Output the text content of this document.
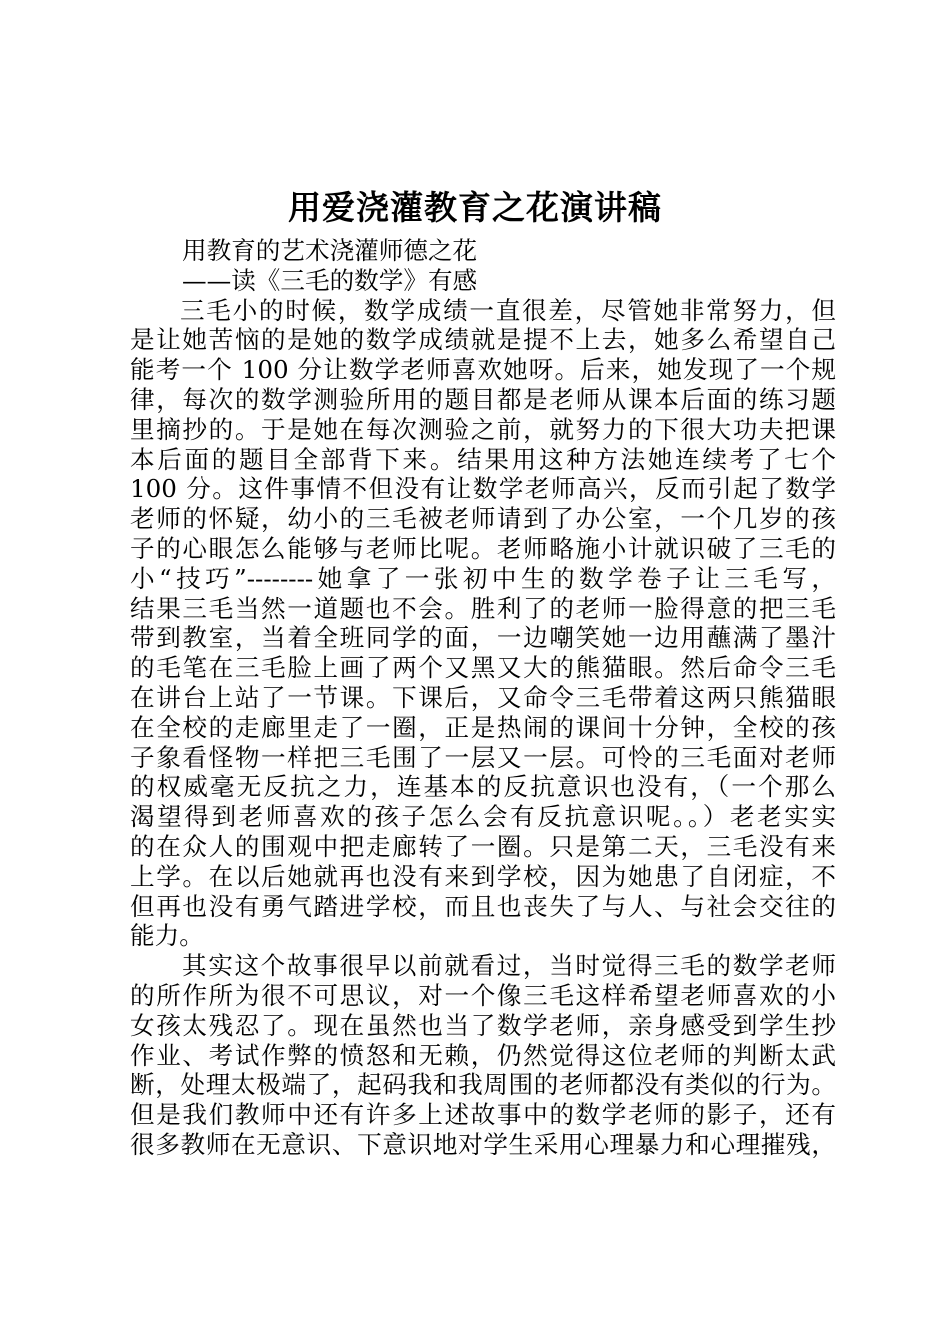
用爱浇灌教育之花演讲稿
用教育的艺术浇灌师德之花
——读《三毛的数学》有感
三毛小的时候，数学成绩一直很差，尽管她非常努力，但
是让她苦恼的是她的数学成绩就是提不上去，她多么希望自己
能考一个 100 分让数学老师喜欢她呀。后来，她发现了一个规
律，每次的数学测验所用的题目都是老师从课本后面的练习题
里摘抄的。于是她在每次测验之前，就努力的下很大功夫把课
本后面的题目全部背下来。结果用这种方法她连续考了七个
100 分。这件事情不但没有让数学老师高兴，反而引起了数学
老师的怀疑，幼小的三毛被老师请到了办公室，一个几岁的孩
子的心眼怎么能够与老师比呢。老师略施小计就识破了三毛的
小“技巧”--------她拿了一张初中生的数学卷子让三毛写，
结果三毛当然一道题也不会。胜利了的老师一脸得意的把三毛
带到教室，当着全班同学的面，一边嘲笑她一边用蘸满了墨汁
的毛笔在三毛脸上画了两个又黑又大的熊猫眼。然后命令三毛
在讲台上站了一节课。下课后，又命令三毛带着这两只熊猫眼
在全校的走廊里走了一圈，正是热闹的课间十分钟，全校的孩
子象看怪物一样把三毛围了一层又一层。可怜的三毛面对老师
的权威毫无反抗之力，连基本的反抗意识也没有，（一个那么
渴望得到老师喜欢的孩子怎么会有反抗意识呢。。）老老实实
的在众人的围观中把走廊转了一圈。只是第二天，三毛没有来
上学。在以后她就再也没有来到学校，因为她患了自闭症，不
但再也没有勇气踏进学校，而且也丧失了与人、与社会交往的
能力。
其实这个故事很早以前就看过，当时觉得三毛的数学老师
的所作所为很不可思议，对一个像三毛这样希望老师喜欢的小
女孩太残忍了。现在虽然也当了数学老师，亲身感受到学生抄
作业、考试作弊的愤怒和无赖，仍然觉得这位老师的判断太武
断，处理太极端了，起码我和我周围的老师都没有类似的行为。
但是我们教师中还有许多上述故事中的数学老师的影子，还有
很多教师在无意识、下意识地对学生采用心理暴力和心理摧残，
